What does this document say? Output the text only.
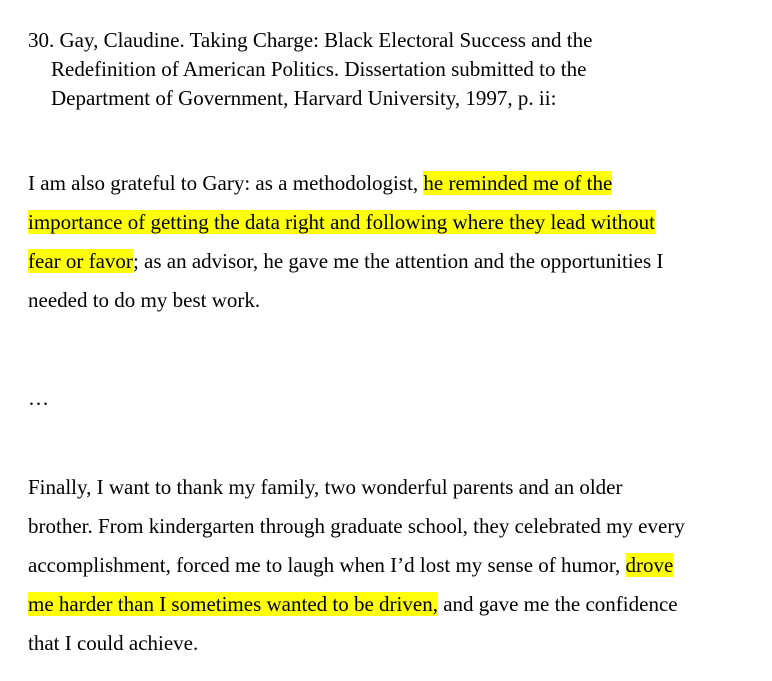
30. Gay, Claudine. Taking Charge: Black Electoral Success and the
Redefinition of American Politics. Dissertation submitted to the
Department of Government, Harvard University, 1997, p. ii:
I am also grateful to Gary: as a methodologist, he reminded me of the
importance of getting the data right and following where they lead without
fear or favor; as an advisor, he gave me the attention and the opportunities I
needed to do my best work.
…
Finally, I want to thank my family, two wonderful parents and an older
brother. From kindergarten through graduate school, they celebrated my every
accomplishment, forced me to laugh when I’d lost my sense of humor, drove
me harder than I sometimes wanted to be driven, and gave me the confidence
that I could achieve.
